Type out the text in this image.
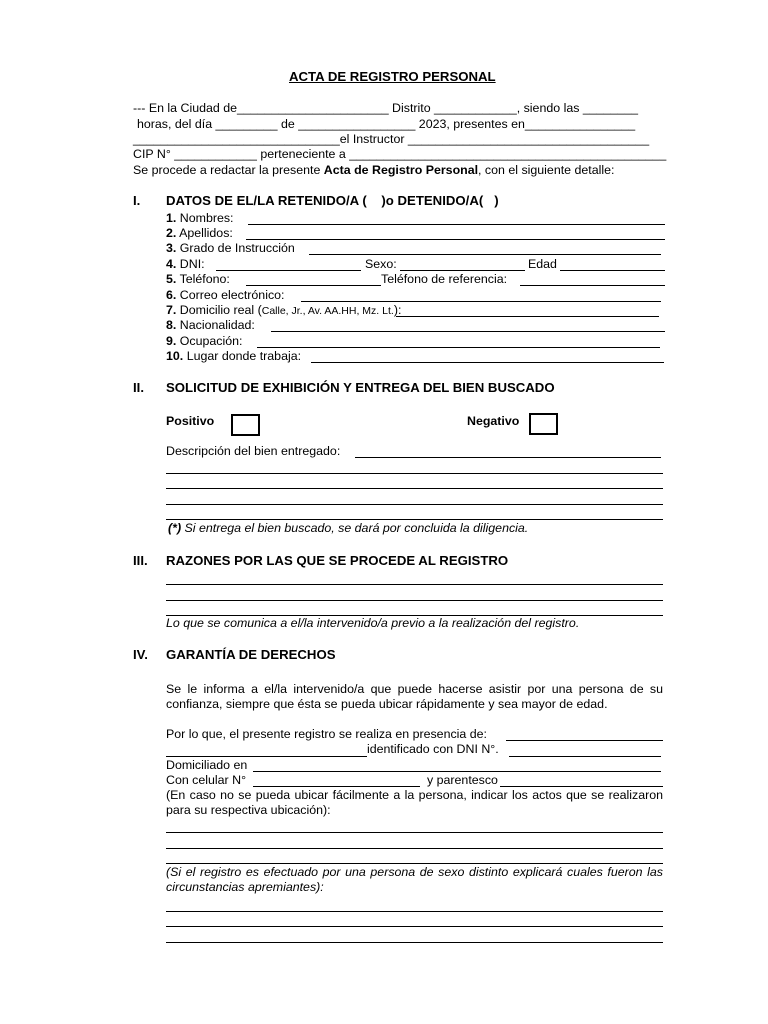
ACTA DE REGISTRO PERSONAL
--- En la Ciudad de______________________ Distrito ____________, siendo las ________
horas, del día _________ de _________________ 2023, presentes en________________
______________________________el Instructor ___________________________________
CIP N° ____________ perteneciente a ______________________________________________
Se procede a redactar la presente Acta de Registro Personal, con el siguiente detalle:
I. DATOS DE EL/LA RETENIDO/A (    )o DETENIDO/A(   )
1. Nombres:
2. Apellidos:
3. Grado de Instrucción
4. DNI:	Sexo:	Edad
5. Teléfono:	Teléfono de referencia:
6. Correo electrónico:
7. Domicilio real (Calle, Jr., Av. AA.HH, Mz. Lt.):
8. Nacionalidad:
9. Ocupación:
10. Lugar donde trabaja:
II. SOLICITUD DE EXHIBICIÓN Y ENTREGA DEL BIEN BUSCADO
Positivo	Negativo
Descripción del bien entregado:
(*) Si entrega el bien buscado, se dará por concluida la diligencia.
III. RAZONES POR LAS QUE SE PROCEDE AL REGISTRO
Lo que se comunica a el/la intervenido/a previo a la realización del registro.
IV. GARANTÍA DE DERECHOS
Se le informa a el/la intervenido/a que puede hacerse asistir por una persona de su confianza, siempre que ésta se pueda ubicar rápidamente y sea mayor de edad.
Por lo que, el presente registro se realiza en presencia de:
identificado con DNI N°.
Domiciliado en
Con celular N°	y parentesco
(En caso no se pueda ubicar fácilmente a la persona, indicar los actos que se realizaron para su respectiva ubicación):
(Si el registro es efectuado por una persona de sexo distinto explicará cuales fueron las circunstancias apremiantes):
